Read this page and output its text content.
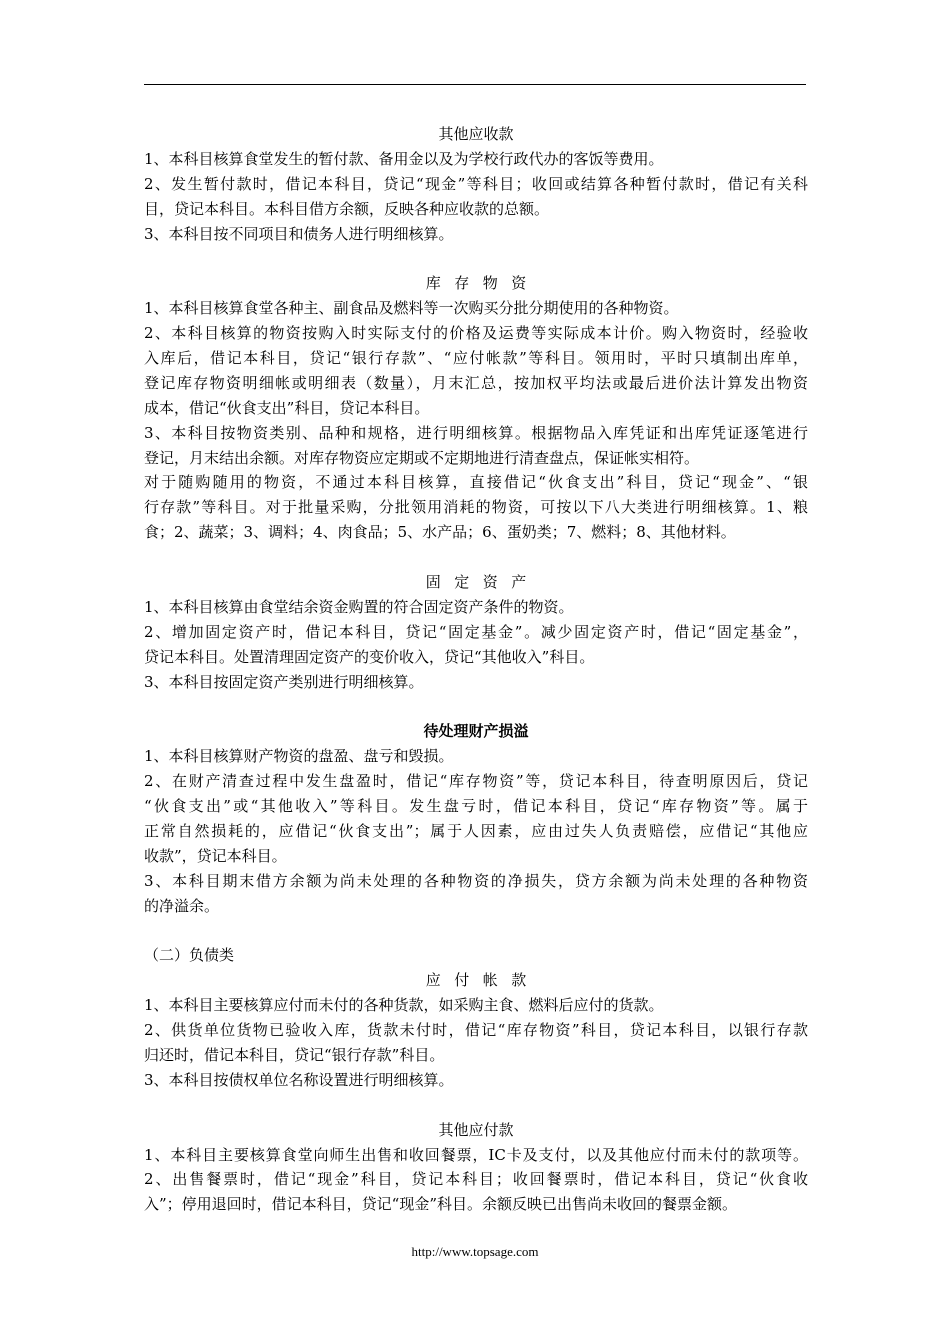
其他应收款
1、本科目核算食堂发生的暂付款、备用金以及为学校行政代办的客饭等费用。
2、发生暂付款时，借记本科目，贷记“现金”等科目；收回或结算各种暂付款时，借记有关科
目，贷记本科目。本科目借方余额，反映各种应收款的总额。
3、本科目按不同项目和债务人进行明细核算。
库存物资
1、本科目核算食堂各种主、副食品及燃料等一次购买分批分期使用的各种物资。
2、本科目核算的物资按购入时实际支付的价格及运费等实际成本计价。购入物资时，经验收
入库后，借记本科目，贷记“银行存款”、“应付帐款”等科目。领用时，平时只填制出库单，
登记库存物资明细帐或明细表（数量），月末汇总，按加权平均法或最后进价法计算发出物资
成本，借记“伙食支出”科目，贷记本科目。
3、本科目按物资类别、品种和规格，进行明细核算。根据物品入库凭证和出库凭证逐笔进行
登记，月末结出余额。对库存物资应定期或不定期地进行清查盘点，保证帐实相符。
对于随购随用的物资，不通过本科目核算，直接借记“伙食支出”科目，贷记“现金”、“银
行存款”等科目。对于批量采购，分批领用消耗的物资，可按以下八大类进行明细核算。1、粮
食；2、蔬菜；3、调料；4、肉食品；5、水产品；6、蛋奶类；7、燃料；8、其他材料。
固定资产
1、本科目核算由食堂结余资金购置的符合固定资产条件的物资。
2、增加固定资产时，借记本科目，贷记“固定基金”。减少固定资产时，借记“固定基金”，
贷记本科目。处置清理固定资产的变价收入，贷记“其他收入”科目。
3、本科目按固定资产类别进行明细核算。
待处理财产损溢
1、本科目核算财产物资的盘盈、盘亏和毁损。
2、在财产清查过程中发生盘盈时，借记“库存物资”等，贷记本科目，待查明原因后，贷记
“伙食支出”或“其他收入”等科目。发生盘亏时，借记本科目，贷记“库存物资”等。属于
正常自然损耗的，应借记“伙食支出”；属于人因素，应由过失人负责赔偿，应借记“其他应
收款”，贷记本科目。
3、本科目期末借方余额为尚未处理的各种物资的净损失，贷方余额为尚未处理的各种物资
的净溢余。
（二）负债类
应付帐款
1、本科目主要核算应付而未付的各种货款，如采购主食、燃料后应付的货款。
2、供货单位货物已验收入库，货款未付时，借记“库存物资”科目，贷记本科目，以银行存款
归还时，借记本科目，贷记“银行存款”科目。
3、本科目按债权单位名称设置进行明细核算。
其他应付款
1、本科目主要核算食堂向师生出售和收回餐票，IC卡及支付，以及其他应付而未付的款项等。
2、出售餐票时，借记“现金”科目，贷记本科目；收回餐票时，借记本科目，贷记“伙食收
入”；停用退回时，借记本科目，贷记“现金”科目。余额反映已出售尚未收回的餐票金额。
http://www.topsage.com
